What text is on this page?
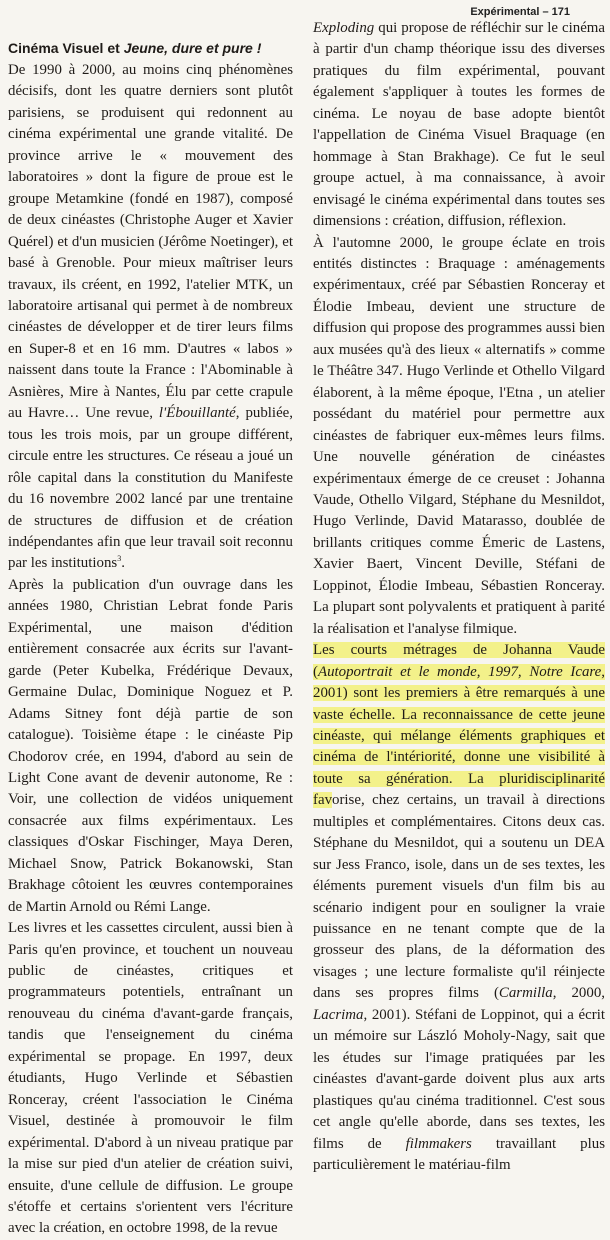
Expérimental – 171
Cinéma Visuel et Jeune, dure et pure !

De 1990 à 2000, au moins cinq phénomènes décisifs, dont les quatre derniers sont plutôt parisiens, se produisent qui redonnent au cinéma expérimental une grande vitalité. De province arrive le « mouvement des laboratoires » dont la figure de proue est le groupe Metamkine (fondé en 1987), composé de deux cinéastes (Christophe Auger et Xavier Quérel) et d'un musicien (Jérôme Noetinger), et basé à Grenoble. Pour mieux maîtriser leurs travaux, ils créent, en 1992, l'atelier MTK, un laboratoire artisanal qui permet à de nombreux cinéastes de développer et de tirer leurs films en Super-8 et en 16 mm. D'autres « labos » naissent dans toute la France : l'Abominable à Asnières, Mire à Nantes, Élu par cette crapule au Havre… Une revue, l'Ébouillanté, publiée, tous les trois mois, par un groupe différent, circule entre les structures. Ce réseau a joué un rôle capital dans la constitution du Manifeste du 16 novembre 2002 lancé par une trentaine de structures de diffusion et de création indépendantes afin que leur travail soit reconnu par les institutions$^3$.

Après la publication d'un ouvrage dans les années 1980, Christian Lebrat fonde Paris Expérimental, une maison d'édition entièrement consacrée aux écrits sur l'avant-garde (Peter Kubelka, Frédérique Devaux, Germaine Dulac, Dominique Noguez et P. Adams Sitney font déjà partie de son catalogue). Toisième étape : le cinéaste Pip Chodorov crée, en 1994, d'abord au sein de Light Cone avant de devenir autonome, Re : Voir, une collection de vidéos uniquement consacrée aux films expérimentaux. Les classiques d'Oskar Fischinger, Maya Deren, Michael Snow, Patrick Bokanowski, Stan Brakhage côtoient les œuvres contemporaines de Martin Arnold ou Rémi Lange.

Les livres et les cassettes circulent, aussi bien à Paris qu'en province, et touchent un nouveau public de cinéastes, critiques et programmateurs potentiels, entraînant un renouveau du cinéma d'avant-garde français, tandis que l'enseignement du cinéma expérimental se propage. En 1997, deux étudiants, Hugo Verlinde et Sébastien Ronceray, créent l'association le Cinéma Visuel, destinée à promouvoir le film expérimental. D'abord à un niveau pratique par la mise sur pied d'un atelier de création suivi, ensuite, d'une cellule de diffusion. Le groupe s'étoffe et certains s'orientent vers l'écriture avec la création, en octobre 1998, de la revue

Exploding qui propose de réfléchir sur le cinéma à partir d'un champ théorique issu des diverses pratiques du film expérimental, pouvant également s'appliquer à toutes les formes de cinéma. Le noyau de base adopte bientôt l'appellation de Cinéma Visuel Braquage (en hommage à Stan Brakhage). Ce fut le seul groupe actuel, à ma connaissance, à avoir envisagé le cinéma expérimental dans toutes ses dimensions : création, diffusion, réflexion.

À l'automne 2000, le groupe éclate en trois entités distinctes : Braquage : aménagements expérimentaux, créé par Sébastien Ronceray et Élodie Imbeau, devient une structure de diffusion qui propose des programmes aussi bien aux musées qu'à des lieux « alternatifs » comme le Théâtre 347. Hugo Verlinde et Othello Vilgard élaborent, à la même époque, l'Etna , un atelier possédant du matériel pour permettre aux cinéastes de fabriquer eux-mêmes leurs films. Une nouvelle génération de cinéastes expérimentaux émerge de ce creuset : Johanna Vaude, Othello Vilgard, Stéphane du Mesnildot, Hugo Verlinde, David Matarasso, doublée de brillants critiques comme Émeric de Lastens, Xavier Baert, Vincent Deville, Stéfani de Loppinot, Élodie Imbeau, Sébastien Ronceray. La plupart sont polyvalents et pratiquent à parité la réalisation et l'analyse filmique.

Les courts métrages de Johanna Vaude (Autoportrait et le monde, 1997, Notre Icare, 2001) sont les premiers à être remarqués à une vaste échelle. La reconnaissance de cette jeune cinéaste, qui mélange éléments graphiques et cinéma de l'intériorité, donne une visibilité à toute sa génération. La pluridisciplinarité favorise, chez certains, un travail à directions multiples et complémentaires. Citons deux cas. Stéphane du Mesnildot, qui a soutenu un DEA sur Jess Franco, isole, dans un de ses textes, les éléments purement visuels d'un film bis au scénario indigent pour en souligner la vraie puissance en ne tenant compte que de la grosseur des plans, de la déformation des visages ; une lecture formaliste qu'il réinjecte dans ses propres films (Carmilla, 2000, Lacrima, 2001). Stéfani de Loppinot, qui a écrit un mémoire sur László Moholy-Nagy, sait que les études sur l'image pratiquées par les cinéastes d'avant-garde doivent plus aux arts plastiques qu'au cinéma traditionnel. C'est sous cet angle qu'elle aborde, dans ses textes, les films de filmmakers travaillant plus particulièrement le matériau-film
